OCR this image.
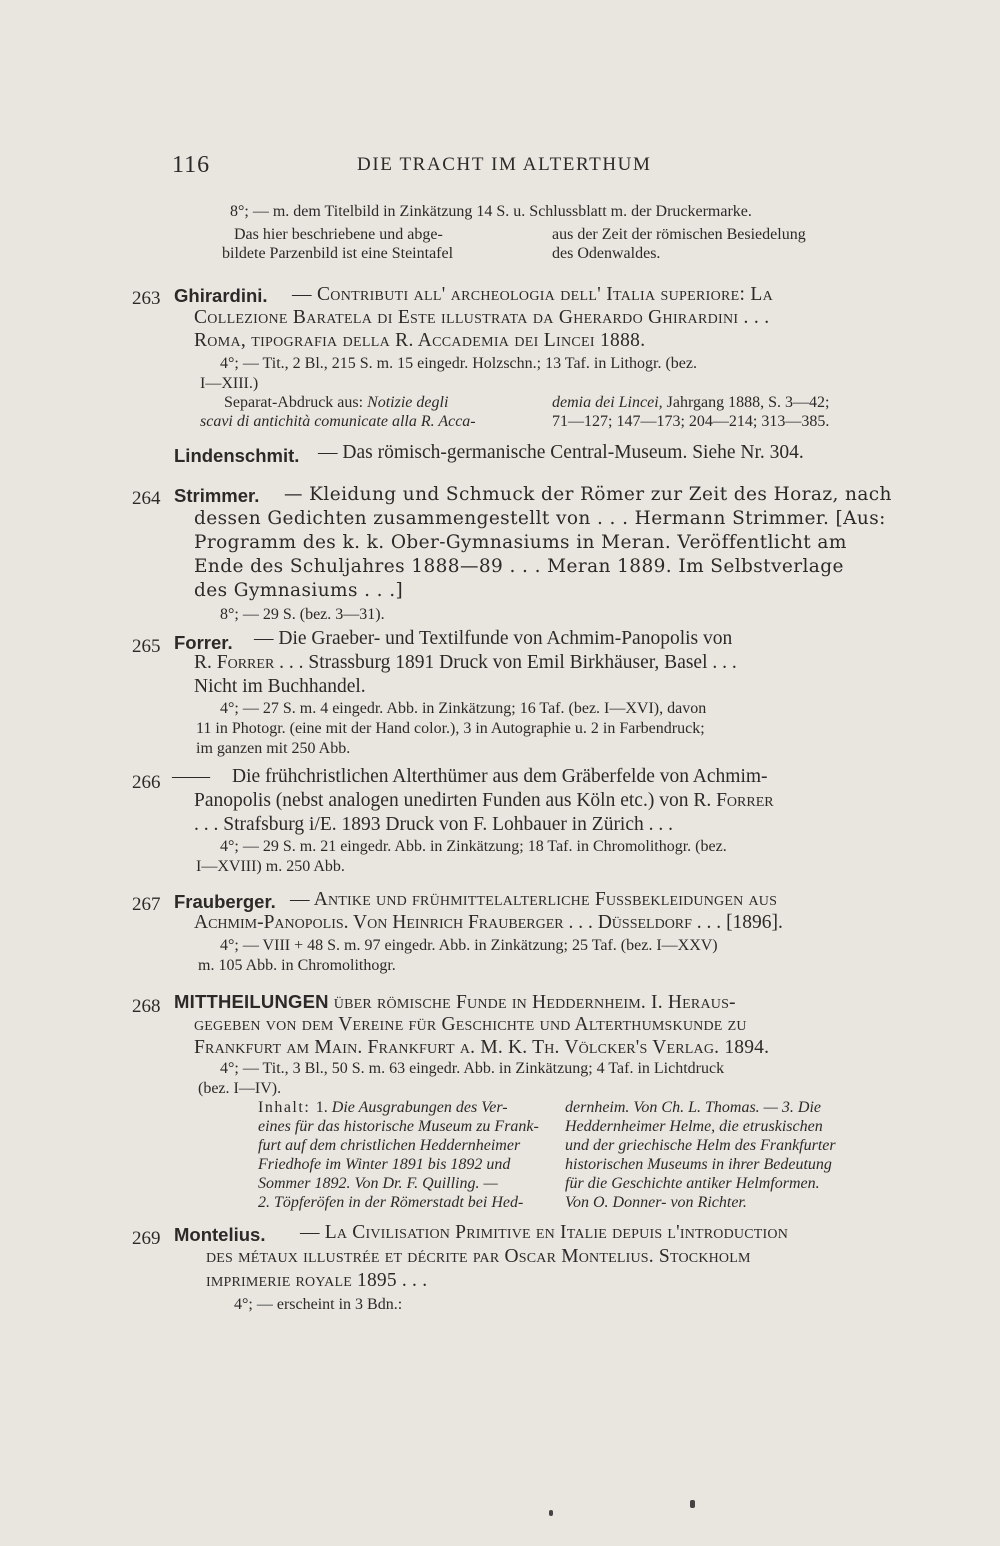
116	DIE TRACHT IM ALTERTHUM
8°; — m. dem Titelbild in Zinkätzung 14 S. u. Schlussblatt m. der Druckermarke.
Das hier beschriebene und abge-
bildete Parzenbild ist eine Steintafel
aus der Zeit der römischen Besiedelung
des Odenwaldes.
263 Ghirardini. — Contributi all' archeologia dell' Italia superiore: La
Collezione Baratela di Este illustrata da Gherardo Ghirardini . . .
Roma, tipografia della R. Accademia dei Lincei 1888.
4°; — Tit., 2 Bl., 215 S. m. 15 eingedr. Holzschn.; 13 Taf. in Lithogr. (bez.
I—XIII.)
Separat-Abdruck aus: Notizie degli
scavi di antichità comunicate alla R. Acca-
demia dei Lincei, Jahrgang 1888, S. 3—42;
71—127; 147—173; 204—214; 313—385.
Lindenschmit. — Das römisch-germanische Central-Museum. Siehe Nr. 304.
264 Strimmer. — Kleidung und Schmuck der Römer zur Zeit des Horaz, nach
dessen Gedichten zusammengestellt von . . . Hermann Strimmer. [Aus:
Programm des k. k. Ober-Gymnasiums in Meran. Veröffentlicht am
Ende des Schuljahres 1888—89 . . . Meran 1889. Im Selbstverlage
des Gymnasiums . . .]
8°; — 29 S. (bez. 3—31).
265 Forrer. — Die Graeber- und Textilfunde von Achmim-Panopolis von
R. Forrer . . . Strassburg 1891 Druck von Emil Birkhäuser, Basel . . .
Nicht im Buchhandel.
4°; — 27 S. m. 4 eingedr. Abb. in Zinkätzung; 16 Taf. (bez. I—XVI), davon
11 in Photogr. (eine mit der Hand color.), 3 in Autographie u. 2 in Farbendruck;
im ganzen mit 250 Abb.
266 —— Die frühchristlichen Alterthümer aus dem Gräberfelde von Achmim-
Panopolis (nebst analogen unedirten Funden aus Köln etc.) von R. Forrer
. . . Strafsburg i/E. 1893 Druck von F. Lohbauer in Zürich . . .
4°; — 29 S. m. 21 eingedr. Abb. in Zinkätzung; 18 Taf. in Chromolithogr. (bez.
I—XVIII) m. 250 Abb.
267 Frauberger. — Antike und frühmittelalterliche Fussbekleidungen aus
Achmim-Panopolis. Von Heinrich Frauberger . . . Düsseldorf . . . [1896].
4°; — VIII + 48 S. m. 97 eingedr. Abb. in Zinkätzung; 25 Taf. (bez. I—XXV)
m. 105 Abb. in Chromolithogr.
268 MITTHEILUNGEN über römische Funde in Heddernheim. I. Heraus-
gegeben von dem Vereine für Geschichte und Alterthumskunde zu
Frankfurt am Main. Frankfurt a. M. K. Th. Völcker's Verlag. 1894.
4°; — Tit., 3 Bl., 50 S. m. 63 eingedr. Abb. in Zinkätzung; 4 Taf. in Lichtdruck
(bez. I—IV).
Inhalt: 1. Die Ausgrabungen des Ver-
eines für das historische Museum zu Frank-
furt auf dem christlichen Heddernheimer
Friedhofe im Winter 1891 bis 1892 und
Sommer 1892. Von Dr. F. Quilling. —
2. Töpferöfen in der Römerstadt bei Hed-
dernheim. Von Ch. L. Thomas. — 3. Die
Heddernheimer Helme, die etruskischen
und der griechische Helm des Frankfurter
historischen Museums in ihrer Bedeutung
für die Geschichte antiker Helmformen.
Von O. Donner- von Richter.
269 Montelius. — La Civilisation Primitive en Italie depuis l'introduction
des métaux illustrée et décrite par Oscar Montelius. Stockholm
imprimerie royale 1895 . . .
4°; — erscheint in 3 Bdn.:
